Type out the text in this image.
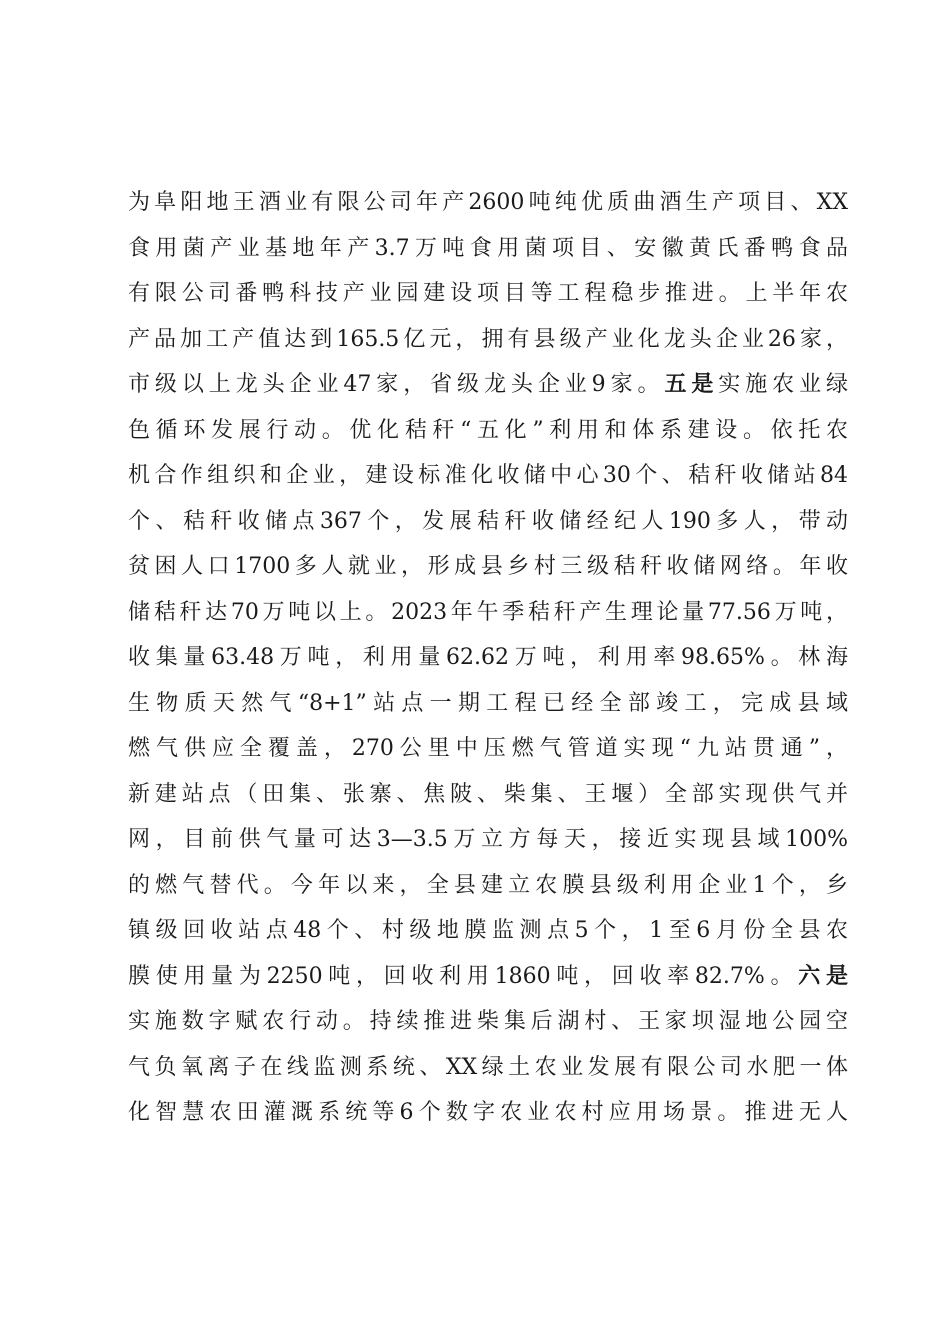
为阜阳地王酒业有限公司年产2600吨纯优质曲酒生产项目、XX
食用菌产业基地年产3.7万吨食用菌项目、安徽黄氏番鸭食品
有限公司番鸭科技产业园建设项目等工程稳步推进。上半年农
产品加工产值达到165.5亿元，拥有县级产业化龙头企业26家，
市级以上龙头企业47家，省级龙头企业9家。五是实施农业绿
色循环发展行动。优化秸秆“五化”利用和体系建设。依托农
机合作组织和企业，建设标准化收储中心30个、秸秆收储站84
个、秸秆收储点367个，发展秸秆收储经纪人190多人，带动
贫困人口1700多人就业，形成县乡村三级秸秆收储网络。年收
储秸秆达70万吨以上。2023年午季秸秆产生理论量77.56万吨，
收集量63.48万吨，利用量62.62万吨，利用率98.65%。林海
生物质天然气“8+1”站点一期工程已经全部竣工，完成县域
燃气供应全覆盖，270公里中压燃气管道实现“九站贯通”，
新建站点（田集、张寨、焦陂、柴集、王堰）全部实现供气并
网，目前供气量可达3—3.5万立方每天，接近实现县域100%
的燃气替代。今年以来，全县建立农膜县级利用企业1个，乡
镇级回收站点48个、村级地膜监测点5个，1至6月份全县农
膜使用量为2250吨，回收利用1860吨，回收率82.7%。六是
实施数字赋农行动。持续推进柴集后湖村、王家坝湿地公园空
气负氧离子在线监测系统、XX绿土农业发展有限公司水肥一体
化智慧农田灌溉系统等6个数字农业农村应用场景。推进无人
